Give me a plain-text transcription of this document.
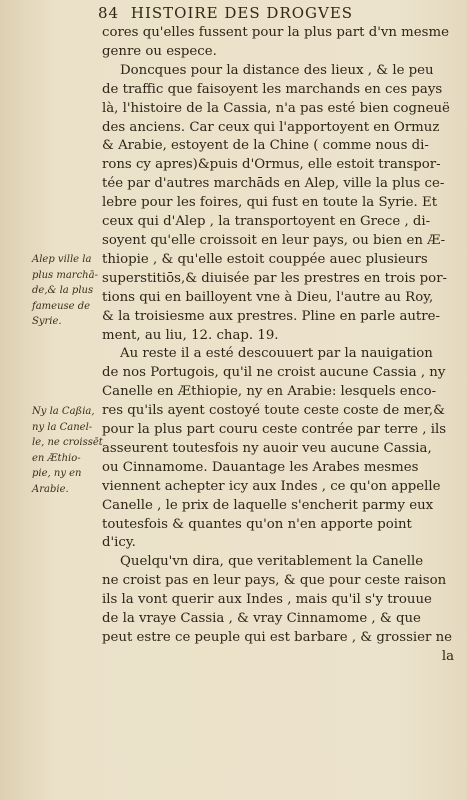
84 HISTOIRE DES DROGVES
Alep ville la
plus marchā-
de,& la plus
fameuse de
Syrie.
Ny la Caßia,
ny la Canel-
le, ne croissēt
en Æthio-
pie, ny en
Arabie.
cores qu'elles fussent pour la plus part d'vn mesme
genre ou espece.
Doncques pour la distance des lieux , & le peu
de traffic que faisoyent les marchands en ces pays
là, l'histoire de la Cassia, n'a pas esté bien cogneuë
des anciens. Car ceux qui l'apportoyent en Ormuz
& Arabie, estoyent de la Chine ( comme nous di-
rons cy apres)&puis d'Ormus, elle estoit transpor-
tée par d'autres marchāds en Alep, ville la plus ce-
lebre pour les foires, qui fust en toute la Syrie. Et
ceux qui d'Alep , la transportoyent en Grece , di-
soyent qu'elle croissoit en leur pays, ou bien en Æ-
thiopie , & qu'elle estoit couppée auec plusieurs
superstitiōs,& diuisée par les prestres en trois por-
tions qui en bailloyent vne à Dieu, l'autre au Roy,
& la troisiesme aux prestres. Pline en parle autre-
ment, au liu, 12. chap. 19.
Au reste il a esté descouuert par la nauigation
de nos Portugois, qu'il ne croist aucune Cassia , ny
Canelle en Æthiopie, ny en Arabie: lesquels enco-
res qu'ils ayent costoyé toute ceste coste de mer,&
pour la plus part couru ceste contrée par terre , ils
asseurent toutesfois ny auoir veu aucune Cassia,
ou Cinnamome. Dauantage les Arabes mesmes
viennent achepter icy aux Indes , ce qu'on appelle
Canelle , le prix de laquelle s'encherit parmy eux
toutesfois & quantes qu'on n'en apporte point
d'icy.
Quelqu'vn dira, que veritablement la Canelle
ne croist pas en leur pays, & que pour ceste raison
ils la vont querir aux Indes , mais qu'il s'y trouue
de la vraye Cassia , & vray Cinnamome , & que
peut estre ce peuple qui est barbare , & grossier ne
la
